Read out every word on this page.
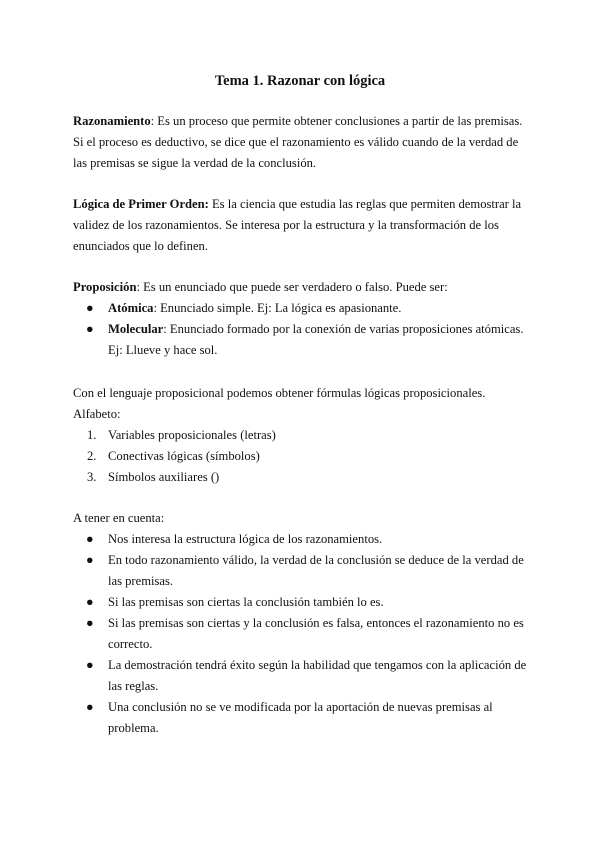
Tema 1. Razonar con lógica

Razonamiento: Es un proceso que permite obtener conclusiones a partir de las premisas. Si el proceso es deductivo, se dice que el razonamiento es válido cuando de la verdad de las premisas se sigue la verdad de la conclusión.

Lógica de Primer Orden: Es la ciencia que estudia las reglas que permiten demostrar la validez de los razonamientos. Se interesa por la estructura y la transformación de los enunciados que lo definen.

Proposición: Es un enunciado que puede ser verdadero o falso. Puede ser:

● Atómica: Enunciado simple. Ej: La lógica es apasionante.
● Molecular: Enunciado formado por la conexión de varias proposiciones atómicas. Ej: Llueve y hace sol.

Con el lenguaje proposicional podemos obtener fórmulas lógicas proposicionales.

Alfabeto:

1. Variables proposicionales (letras)
2. Conectivas lógicas (símbolos)
3. Símbolos auxiliares ()

A tener en cuenta:

● Nos interesa la estructura lógica de los razonamientos.
● En todo razonamiento válido, la verdad de la conclusión se deduce de la verdad de las premisas.
● Si las premisas son ciertas la conclusión también lo es.
● Si las premisas son ciertas y la conclusión es falsa, entonces el razonamiento no es correcto.
● La demostración tendrá éxito según la habilidad que tengamos con la aplicación de las reglas.
● Una conclusión no se ve modificada por la aportación de nuevas premisas al problema.
